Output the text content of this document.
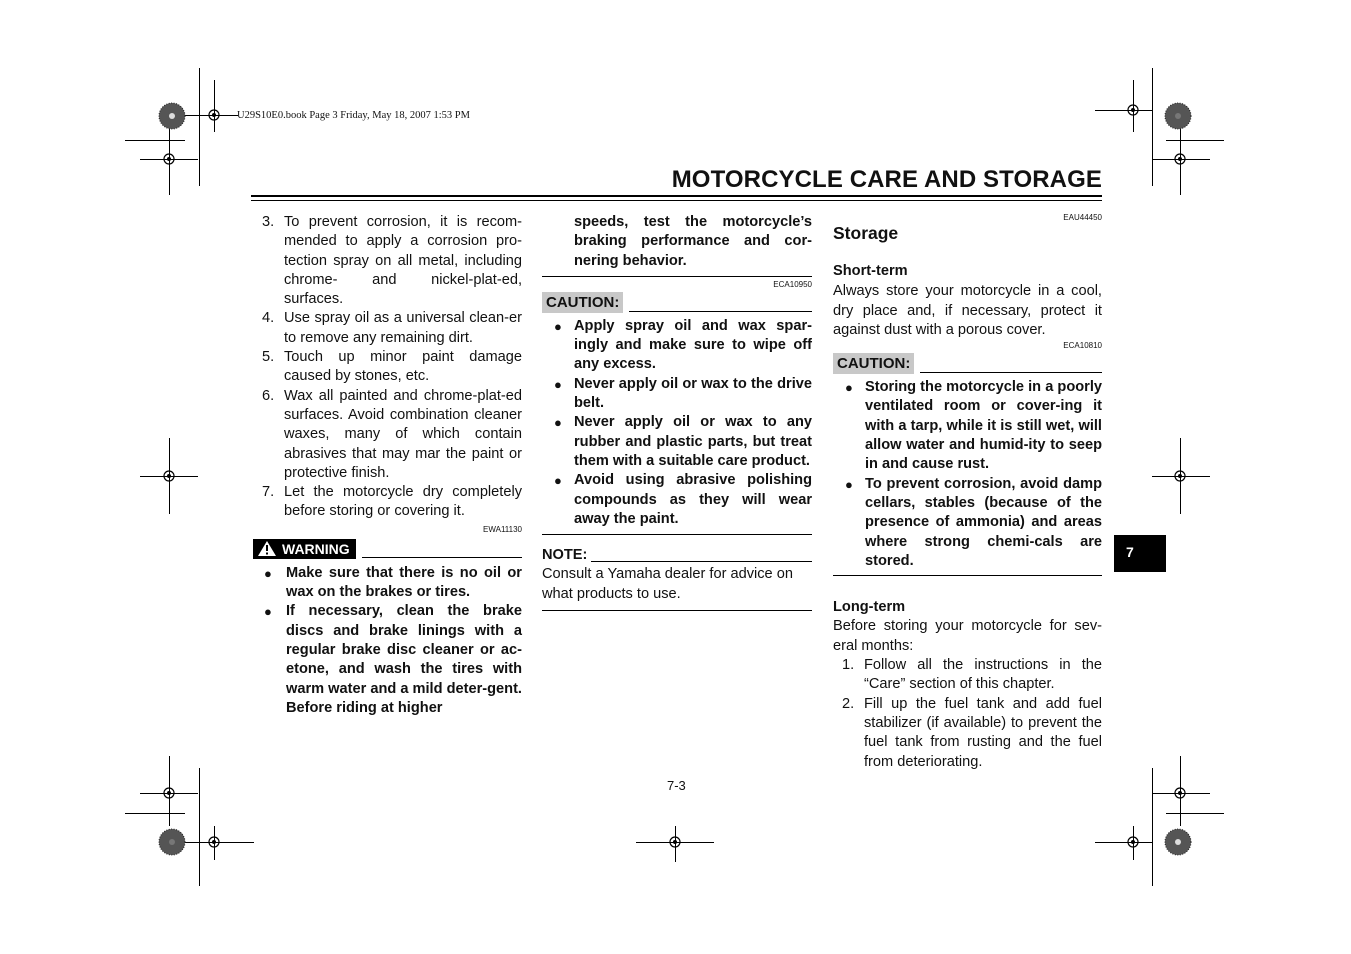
U29S10E0.book Page 3 Friday, May 18, 2007 1:53 PM
MOTORCYCLE CARE AND STORAGE
3. To prevent corrosion, it is recom-mended to apply a corrosion pro-tection spray on all metal, including chrome- and nickel-plat-ed, surfaces.
4. Use spray oil as a universal clean-er to remove any remaining dirt.
5. Touch up minor paint damage caused by stones, etc.
6. Wax all painted and chrome-plat-ed surfaces. Avoid combination cleaner waxes, many of which contain abrasives that may mar the paint or protective finish.
7. Let the motorcycle dry completely before storing or covering it.
EWA11130
WARNING
● Make sure that there is no oil or wax on the brakes or tires.
● If necessary, clean the brake discs and brake linings with a regular brake disc cleaner or ac-etone, and wash the tires with warm water and a mild deter-gent. Before riding at higher
speeds, test the motorcycle’s braking performance and cor-nering behavior.
ECA10950
CAUTION:
● Apply spray oil and wax spar-ingly and make sure to wipe off any excess.
● Never apply oil or wax to the drive belt.
● Never apply oil or wax to any rubber and plastic parts, but treat them with a suitable care product.
● Avoid using abrasive polishing compounds as they will wear away the paint.
NOTE:
Consult a Yamaha dealer for advice on what products to use.
EAU44450
Storage
Short-term
Always store your motorcycle in a cool, dry place and, if necessary, protect it against dust with a porous cover.
ECA10810
CAUTION:
● Storing the motorcycle in a poorly ventilated room or cover-ing it with a tarp, while it is still wet, will allow water and humid-ity to seep in and cause rust.
● To prevent corrosion, avoid damp cellars, stables (because of the presence of ammonia) and areas where strong chemi-cals are stored.
Long-term
Before storing your motorcycle for sev-eral months:
1. Follow all the instructions in the “Care” section of this chapter.
2. Fill up the fuel tank and add fuel stabilizer (if available) to prevent the fuel tank from rusting and the fuel from deteriorating.
7
7-3
